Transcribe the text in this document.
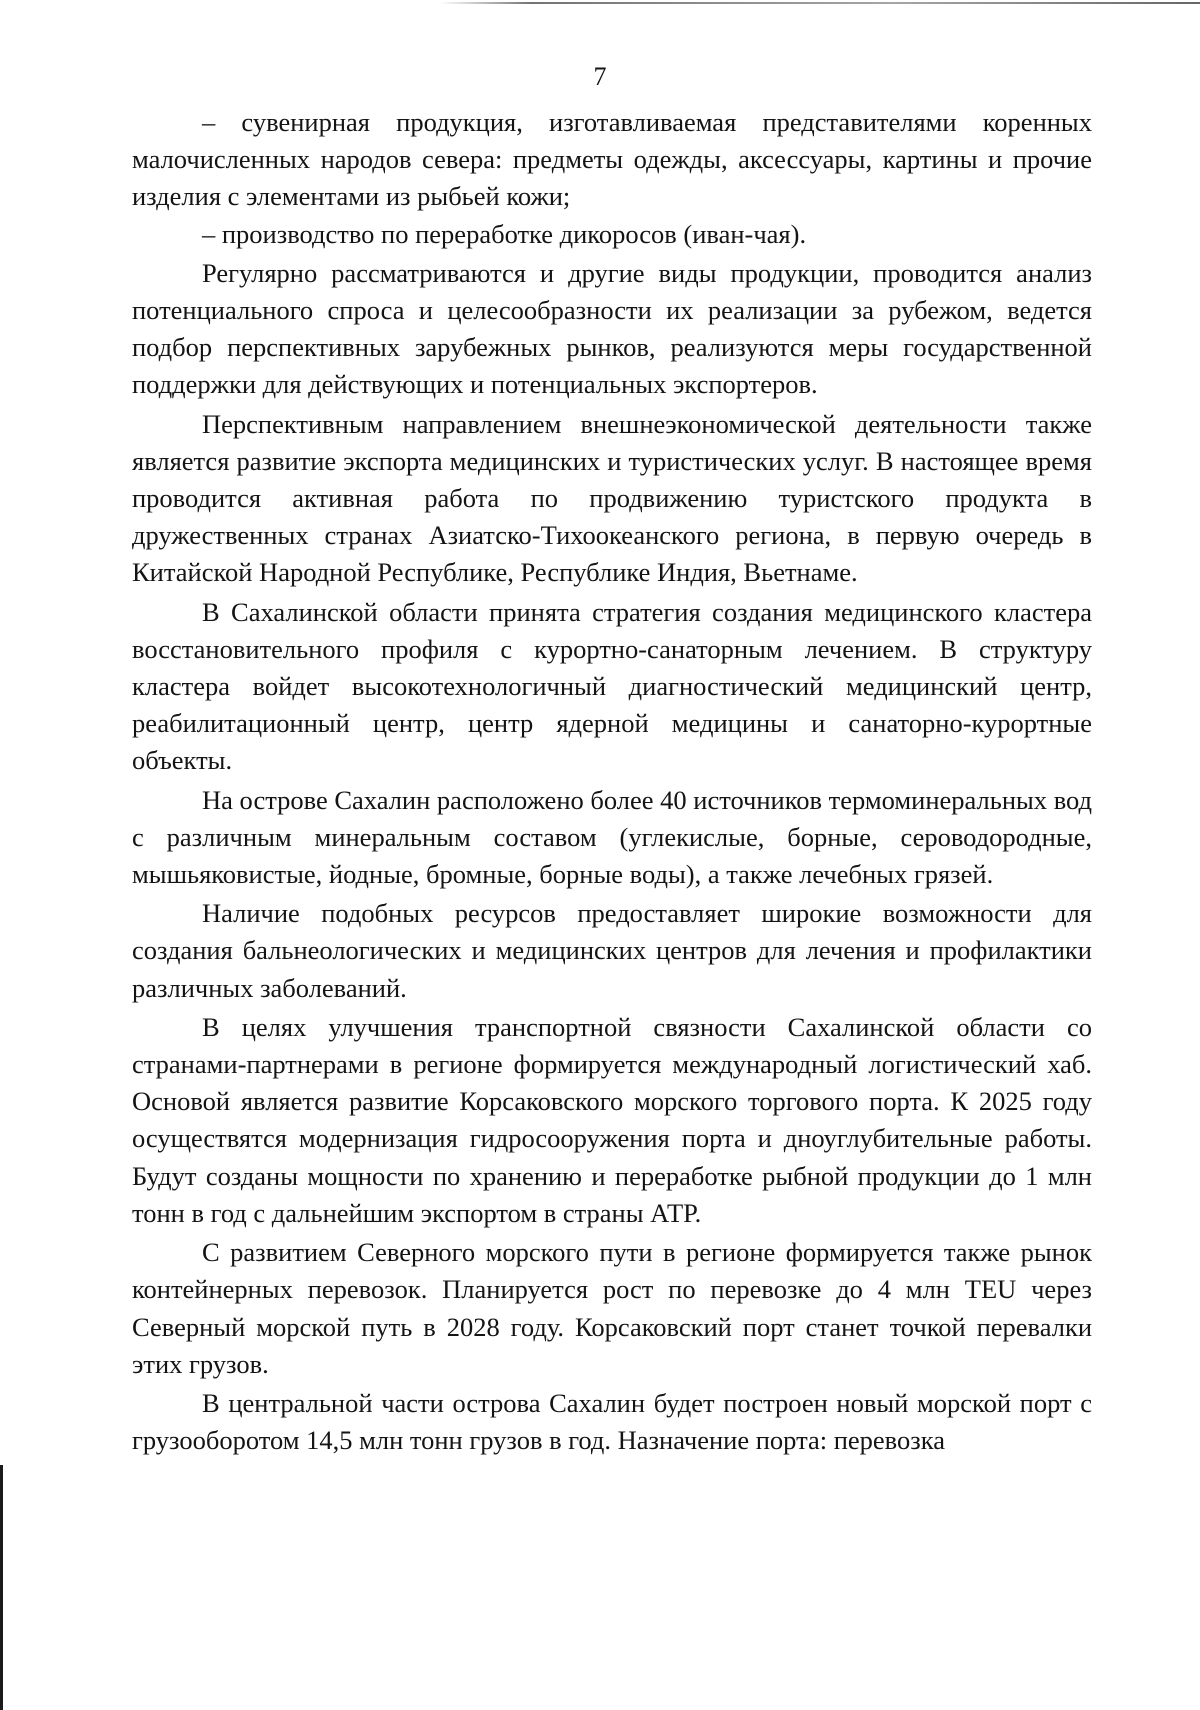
7

– сувенирная продукция, изготавливаемая представителями коренных малочисленных народов севера: предметы одежды, аксессуары, картины и прочие изделия с элементами из рыбьей кожи;

– производство по переработке дикоросов (иван-чая).

Регулярно рассматриваются и другие виды продукции, проводится анализ потенциального спроса и целесообразности их реализации за рубежом, ведется подбор перспективных зарубежных рынков, реализуются меры государственной поддержки для действующих и потенциальных экспортеров.

Перспективным направлением внешнеэкономической деятельности также является развитие экспорта медицинских и туристических услуг. В настоящее время проводится активная работа по продвижению туристского продукта в дружественных странах Азиатско-Тихоокеанского региона, в первую очередь в Китайской Народной Республике, Республике Индия, Вьетнаме.

В Сахалинской области принята стратегия создания медицинского кластера восстановительного профиля с курортно-санаторным лечением. В структуру кластера войдет высокотехнологичный диагностический медицинский центр, реабилитационный центр, центр ядерной медицины и санаторно-курортные объекты.

На острове Сахалин расположено более 40 источников термоминеральных вод с различным минеральным составом (углекислые, борные, сероводородные, мышьяковистые, йодные, бромные, борные воды), а также лечебных грязей.

Наличие подобных ресурсов предоставляет широкие возможности для создания бальнеологических и медицинских центров для лечения и профилактики различных заболеваний.

В целях улучшения транспортной связности Сахалинской области со странами-партнерами в регионе формируется международный логистический хаб. Основой является развитие Корсаковского морского торгового порта. К 2025 году осуществятся модернизация гидросооружения порта и дноуглубительные работы. Будут созданы мощности по хранению и переработке рыбной продукции до 1 млн тонн в год с дальнейшим экспортом в страны АТР.

С развитием Северного морского пути в регионе формируется также рынок контейнерных перевозок. Планируется рост по перевозке до 4 млн TEU через Северный морской путь в 2028 году. Корсаковский порт станет точкой перевалки этих грузов.

В центральной части острова Сахалин будет построен новый морской порт с грузооборотом 14,5 млн тонн грузов в год. Назначение порта: перевозка
